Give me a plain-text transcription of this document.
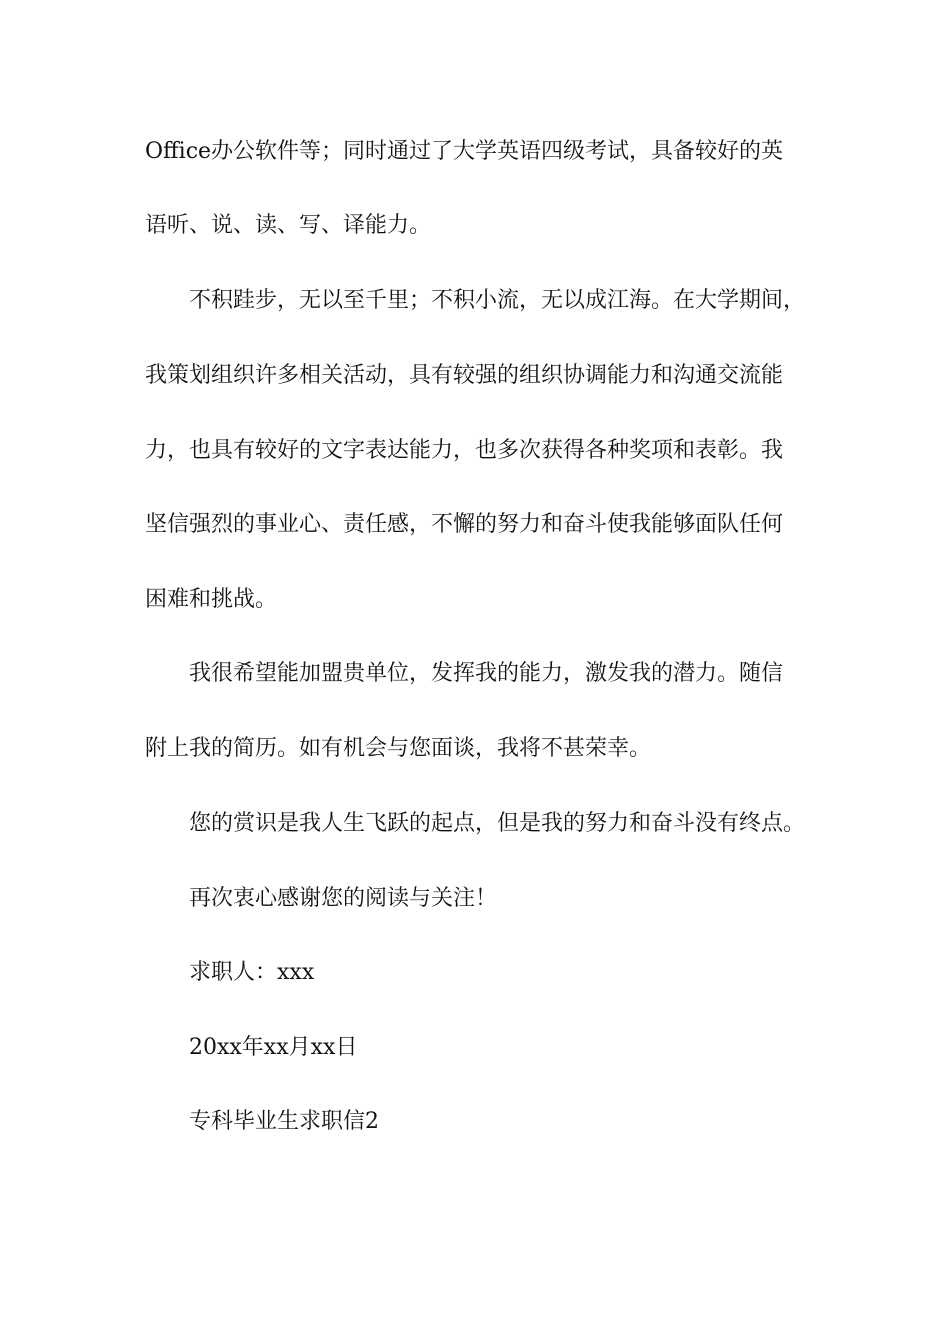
Office办公软件等；同时通过了大学英语四级考试，具备较好的英
语听、说、读、写、译能力。
不积跬步，无以至千里；不积小流，无以成江海。在大学期间，
我策划组织许多相关活动，具有较强的组织协调能力和沟通交流能
力，也具有较好的文字表达能力，也多次获得各种奖项和表彰。我
坚信强烈的事业心、责任感，不懈的努力和奋斗使我能够面队任何
困难和挑战。
我很希望能加盟贵单位，发挥我的能力，激发我的潜力。随信
附上我的简历。如有机会与您面谈，我将不甚荣幸。
您的赏识是我人生飞跃的起点，但是我的努力和奋斗没有终点。
再次衷心感谢您的阅读与关注！
求职人：xxx
20xx年xx月xx日
专科毕业生求职信2
